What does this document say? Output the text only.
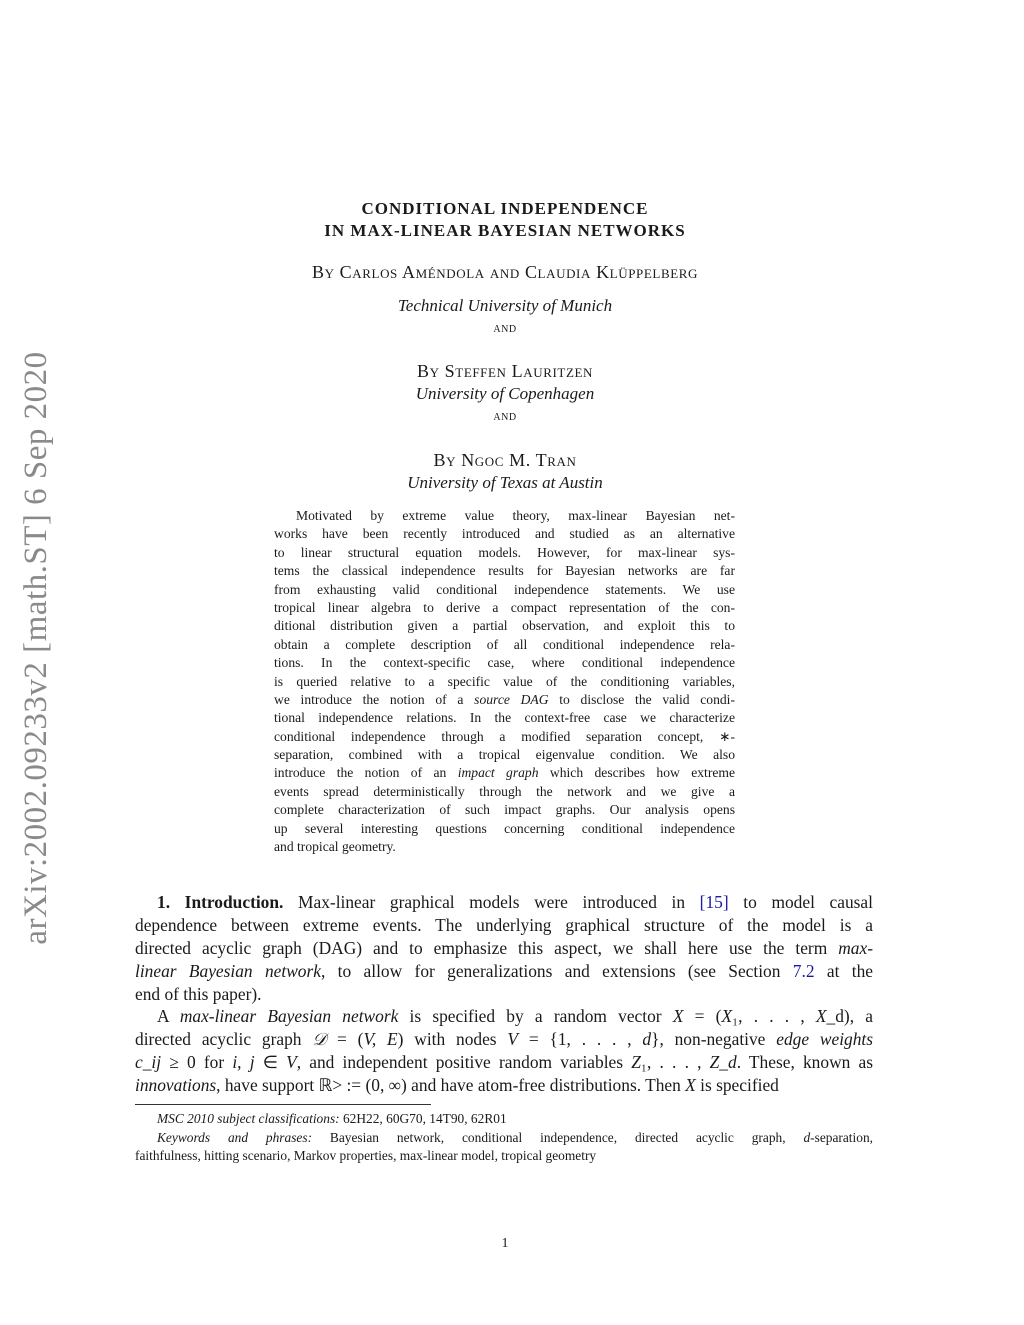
arXiv:2002.09233v2 [math.ST] 6 Sep 2020
CONDITIONAL INDEPENDENCE
IN MAX-LINEAR BAYESIAN NETWORKS
By Carlos Améndola and Claudia Klüppelberg
Technical University of Munich
and
By Steffen Lauritzen
University of Copenhagen
and
By Ngoc M. Tran
University of Texas at Austin
Motivated by extreme value theory, max-linear Bayesian net-
works have been recently introduced and studied as an alternative
to linear structural equation models. However, for max-linear sys-
tems the classical independence results for Bayesian networks are far
from exhausting valid conditional independence statements. We use
tropical linear algebra to derive a compact representation of the con-
ditional distribution given a partial observation, and exploit this to
obtain a complete description of all conditional independence rela-
tions. In the context-specific case, where conditional independence
is queried relative to a specific value of the conditioning variables,
we introduce the notion of a source DAG to disclose the valid condi-
tional independence relations. In the context-free case we characterize
conditional independence through a modified separation concept, ∗-
separation, combined with a tropical eigenvalue condition. We also
introduce the notion of an impact graph which describes how extreme
events spread deterministically through the network and we give a
complete characterization of such impact graphs. Our analysis opens
up several interesting questions concerning conditional independence
and tropical geometry.
1. Introduction. Max-linear graphical models were introduced in [15] to model causal
dependence between extreme events. The underlying graphical structure of the model is a
directed acyclic graph (DAG) and to emphasize this aspect, we shall here use the term max-
linear Bayesian network, to allow for generalizations and extensions (see Section 7.2 at the
end of this paper).
A max-linear Bayesian network is specified by a random vector X = (X₁, . . . , X_d), a
directed acyclic graph 𝒟 = (V, E) with nodes V = {1, . . . , d}, non-negative edge weights
c_ij ≥ 0 for i, j ∈ V, and independent positive random variables Z₁, . . . , Z_d. These, known as
innovations, have support ℝ> := (0, ∞) and have atom-free distributions. Then X is specified
MSC 2010 subject classifications: 62H22, 60G70, 14T90, 62R01
Keywords and phrases: Bayesian network, conditional independence, directed acyclic graph, d-separation,
faithfulness, hitting scenario, Markov properties, max-linear model, tropical geometry
1
